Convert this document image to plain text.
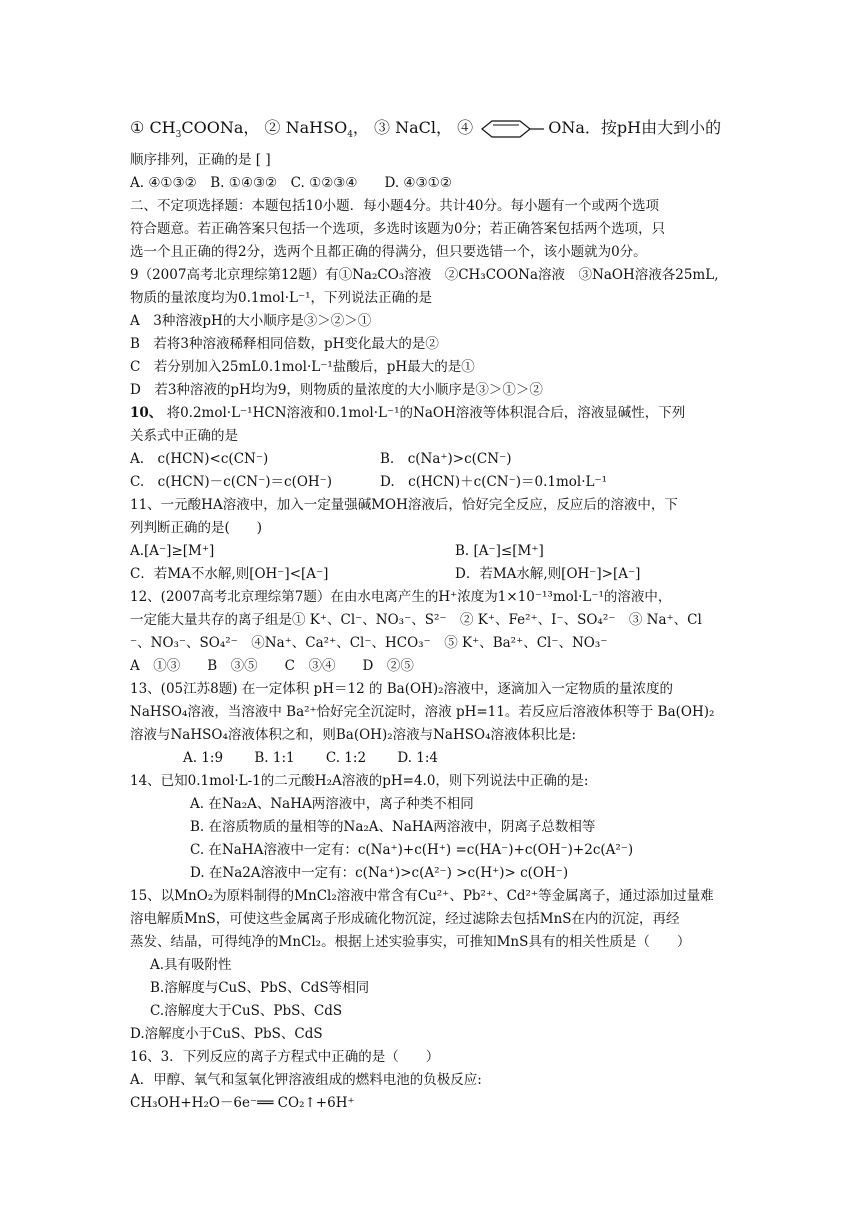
① $CH_3COONa$， ② NaHSO$_4$， ③ NaCl， ④	ONa．按pH由大到小的
顺序排列，正确的是 [ ]
A. ④①③②　B. ①④③②　C. ①②③④　　D. ④③①②
二、不定项选择题：本题包括10小题．每小题4分。共计40分。每小题有一个或两个选项
符合题意。若正确答案只包括一个选项，多选时该题为0分；若正确答案包括两个选项，只
选一个且正确的得2分，选两个且都正确的得满分，但只要选错一个，该小题就为0分。
9（2007高考北京理综第12题）有①Na₂CO₃溶液　②CH₃COONa溶液　③NaOH溶液各25mL,
物质的量浓度均为0.1mol·L⁻¹，下列说法正确的是
A　3种溶液pH的大小顺序是③＞②＞①
B　若将3种溶液稀释相同倍数，pH变化最大的是②
C　若分别加入25mL0.1mol·L⁻¹盐酸后，pH最大的是①
D　若3种溶液的pH均为9，则物质的量浓度的大小顺序是③＞①＞②
10、 将0.2mol·L⁻¹HCN溶液和0.1mol·L⁻¹的NaOH溶液等体积混合后，溶液显碱性，下列
关系式中正确的是
A.　c(HCN)<c(CN⁻)	B.　c(Na⁺)>c(CN⁻)
C.　c(HCN)－c(CN⁻)＝c(OH⁻)	D.　c(HCN)＋c(CN⁻)＝0.1mol·L⁻¹
11、一元酸HA溶液中，加入一定量强碱MOH溶液后，恰好完全反应，反应后的溶液中，下
列判断正确的是(　　)
A.[A⁻]≥[M⁺]	B. [A⁻]≤[M⁺]
C．若MA不水解,则[OH⁻]<[A⁻]	D．若MA水解,则[OH⁻]>[A⁻]
12、(2007高考北京理综第7题）在由水电离产生的H⁺浓度为1×10⁻¹³mol·L⁻¹的溶液中，
一定能大量共存的离子组是① K⁺、Cl⁻、NO₃⁻、S²⁻　② K⁺、Fe²⁺、I⁻、SO₄²⁻　③ Na⁺、Cl
⁻、NO₃⁻、SO₄²⁻　④Na⁺、Ca²⁺、Cl⁻、HCO₃⁻　⑤ K⁺、Ba²⁺、Cl⁻、NO₃⁻
A　①③　　B　③⑤　　C　③④　　D　②⑤
13、(05江苏8题) 在一定体积 pH＝12 的 Ba(OH)₂溶液中，逐滴加入一定物质的量浓度的
NaHSO₄溶液，当溶液中 Ba²⁺恰好完全沉淀时，溶液 pH=11。若反应后溶液体积等于 Ba(OH)₂
溶液与NaHSO₄溶液体积之和，则Ba(OH)₂溶液与NaHSO₄溶液体积比是:
A. 1:9　　 B. 1:1　　 C. 1:2　　 D. 1:4
14、已知0.1mol·L-1的二元酸H₂A溶液的pH=4.0，则下列说法中正确的是:
A. 在Na₂A、NaHA两溶液中，离子种类不相同
B. 在溶质物质的量相等的Na₂A、NaHA两溶液中，阴离子总数相等
C. 在NaHA溶液中一定有：c(Na⁺)+c(H⁺) =c(HA⁻)+c(OH⁻)+2c(A²⁻)
D. 在Na2A溶液中一定有：c(Na⁺)>c(A²⁻) >c(H⁺)> c(OH⁻)
15、以MnO₂为原料制得的MnCl₂溶液中常含有Cu²⁺、Pb²⁺、Cd²⁺等金属离子，通过添加过量难
溶电解质MnS，可使这些金属离子形成硫化物沉淀，经过滤除去包括MnS在内的沉淀，再经
蒸发、结晶，可得纯净的MnCl₂。根据上述实验事实，可推知MnS具有的相关性质是（　　）
A.具有吸附性
B.溶解度与CuS、PbS、CdS等相同
C.溶解度大于CuS、PbS、CdS
D.溶解度小于CuS、PbS、CdS
16、3．下列反应的离子方程式中正确的是（　　）
A．甲醇、氧气和氢氧化钾溶液组成的燃料电池的负极反应:
CH₃OH+H₂O－6e⁻══ CO₂↑+6H⁺
